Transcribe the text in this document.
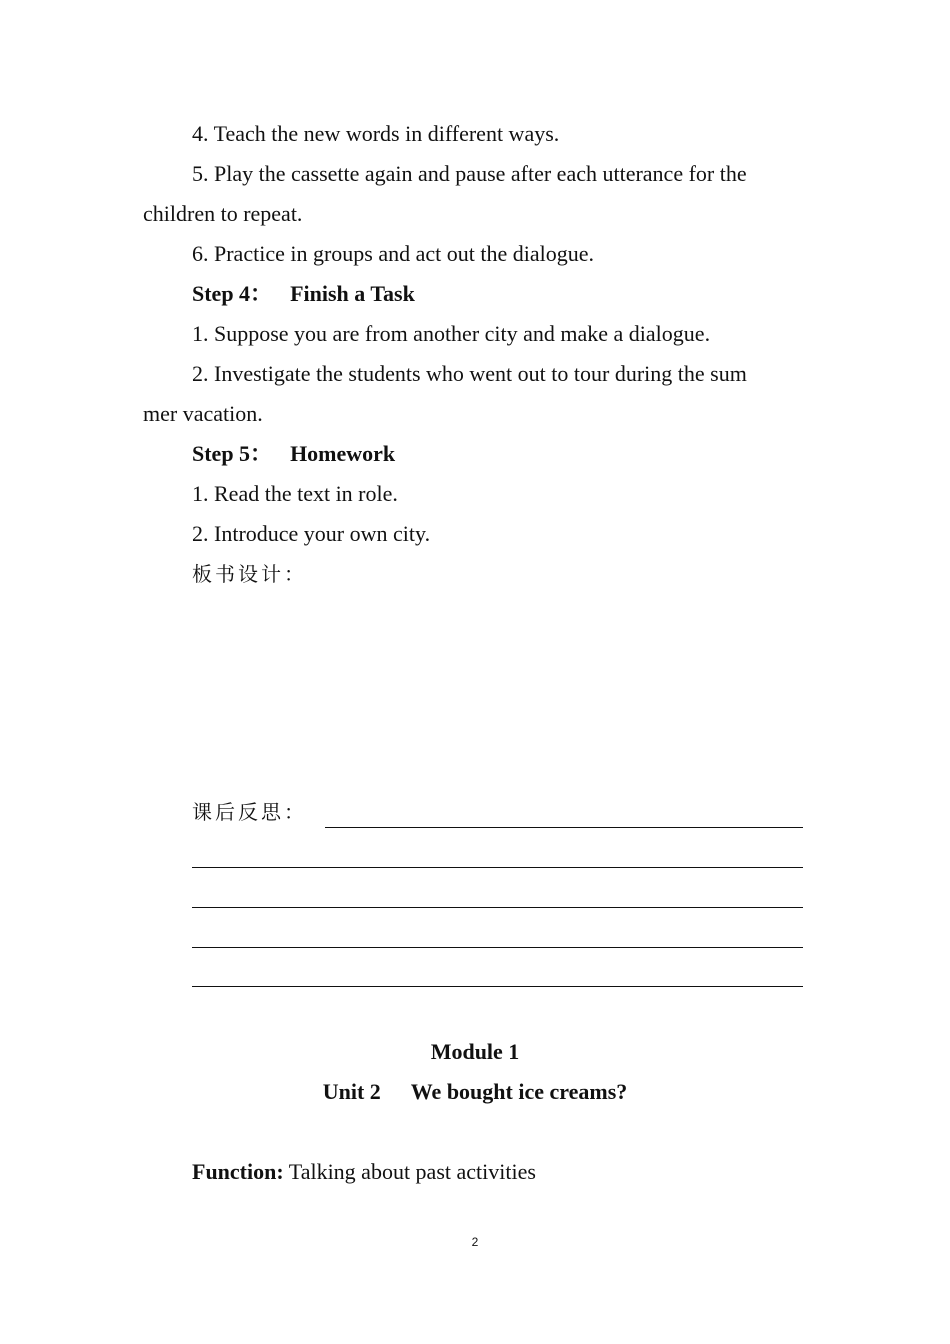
4. Teach the new words in different ways.
5. Play the cassette again and pause after each utterance for the
children to repeat.
6. Practice in groups and act out the dialogue.
Step 4： Finish a Task
1. Suppose you are from another city and make a dialogue.
2. Investigate the students who went out to tour during the sum
mer vacation.
Step 5： Homework
1. Read the text in role.
2. Introduce your own city.
板书设计：
课后反思：
Module 1
Unit 2 We bought ice creams?
Function: Talking about past activities
2
